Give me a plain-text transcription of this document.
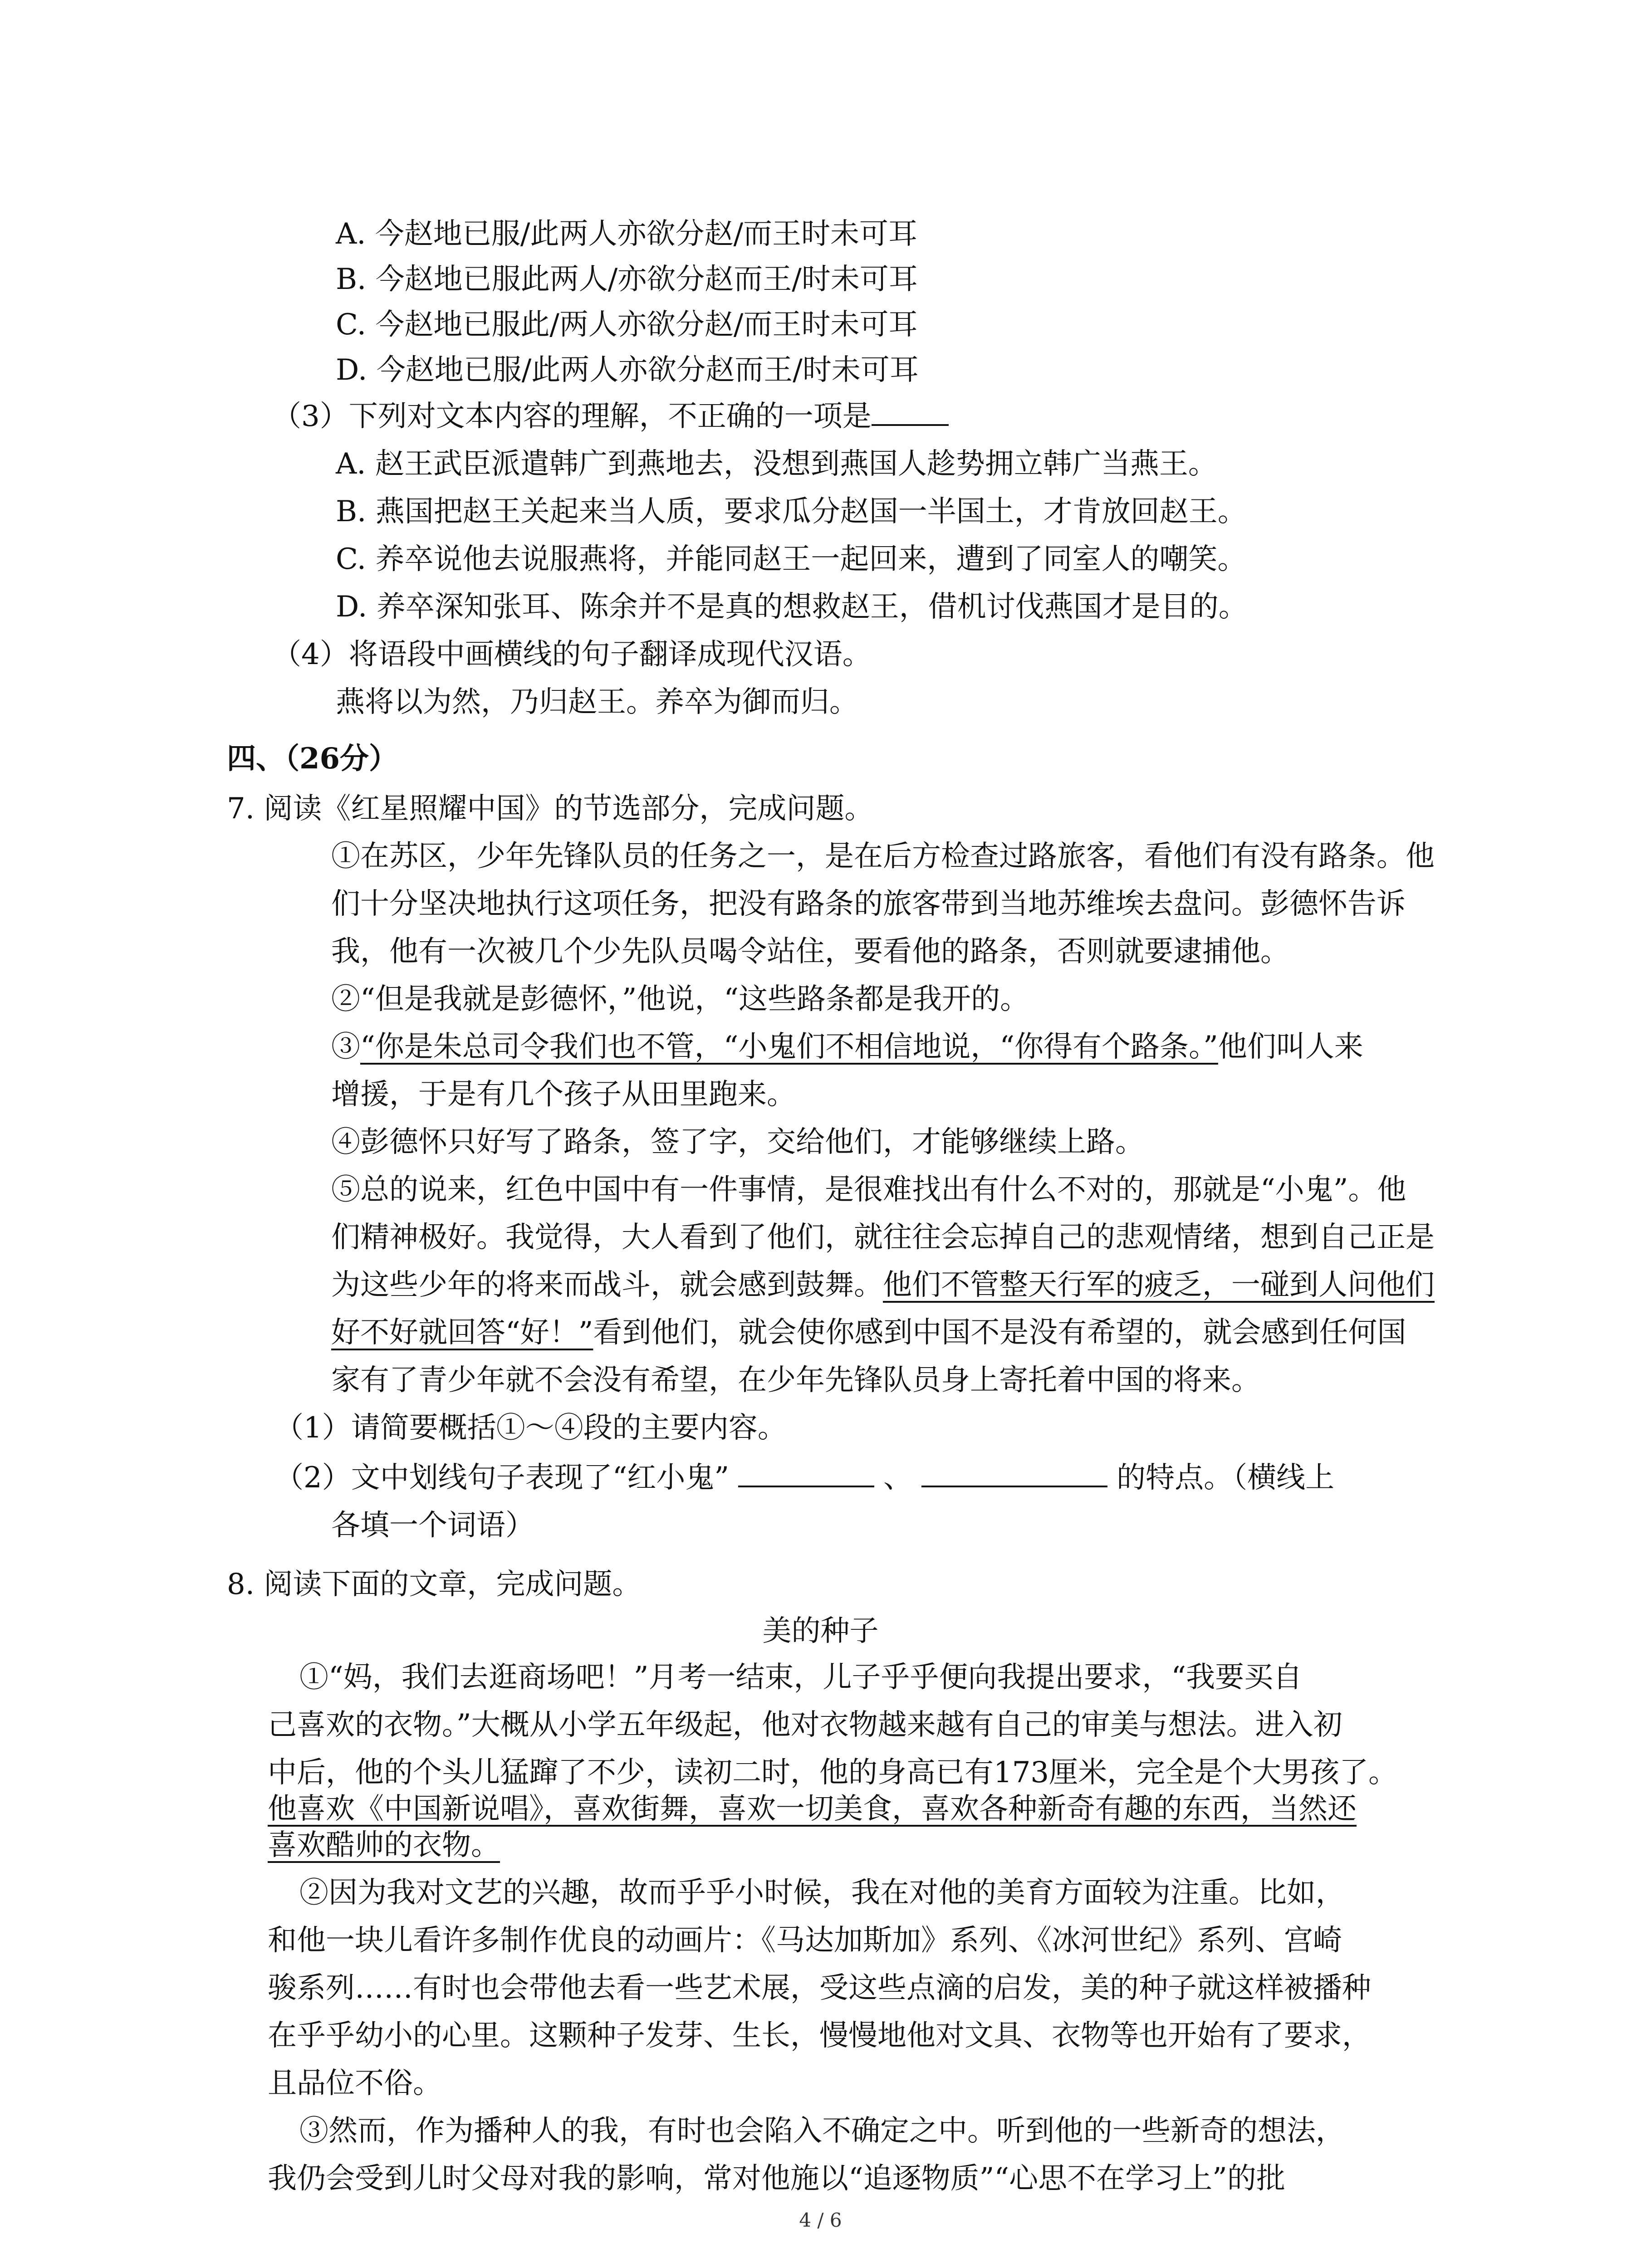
A. 今赵地已服/此两人亦欲分赵/而王时未可耳
B. 今赵地已服此两人/亦欲分赵而王/时未可耳
C. 今赵地已服此/两人亦欲分赵/而王时未可耳
D. 今赵地已服/此两人亦欲分赵而王/时未可耳
（3）下列对文本内容的理解，不正确的一项是
A. 赵王武臣派遣韩广到燕地去，没想到燕国人趁势拥立韩广当燕王。
B. 燕国把赵王关起来当人质，要求瓜分赵国一半国土，才肯放回赵王。
C. 养卒说他去说服燕将，并能同赵王一起回来，遭到了同室人的嘲笑。
D. 养卒深知张耳、陈余并不是真的想救赵王，借机讨伐燕国才是目的。
（4）将语段中画横线的句子翻译成现代汉语。
燕将以为然，乃归赵王。养卒为御而归。
四、（26分）
7. 阅读《红星照耀中国》的节选部分，完成问题。
①在苏区，少年先锋队员的任务之一，是在后方检查过路旅客，看他们有没有路条。他
们十分坚决地执行这项任务，把没有路条的旅客带到当地苏维埃去盘问。彭德怀告诉
我，他有一次被几个少先队员喝令站住，要看他的路条，否则就要逮捕他。
②“但是我就是彭德怀，”他说，“这些路条都是我开的。
③“你是朱总司令我们也不管，“小鬼们不相信地说，“你得有个路条。”他们叫人来
增援，于是有几个孩子从田里跑来。
④彭德怀只好写了路条，签了字，交给他们，才能够继续上路。
⑤总的说来，红色中国中有一件事情，是很难找出有什么不对的，那就是“小鬼”。他
们精神极好。我觉得，大人看到了他们，就往往会忘掉自己的悲观情绪，想到自己正是
为这些少年的将来而战斗，就会感到鼓舞。他们不管整天行军的疲乏，一碰到人问他们
好不好就回答“好！”看到他们，就会使你感到中国不是没有希望的，就会感到任何国
家有了青少年就不会没有希望，在少年先锋队员身上寄托着中国的将来。
（1）请简要概括①～④段的主要内容。
（2）文中划线句子表现了“红小鬼”	、	的特点。（横线上
各填一个词语）
8. 阅读下面的文章，完成问题。
美的种子
①“妈，我们去逛商场吧！”月考一结束，儿子乎乎便向我提出要求，“我要买自
己喜欢的衣物。”大概从小学五年级起，他对衣物越来越有自己的审美与想法。进入初
中后，他的个头儿猛蹿了不少，读初二时，他的身高已有173厘米，完全是个大男孩了。
他喜欢《中国新说唱》，喜欢街舞，喜欢一切美食，喜欢各种新奇有趣的东西，当然还
喜欢酷帅的衣物。
②因为我对文艺的兴趣，故而乎乎小时候，我在对他的美育方面较为注重。比如，
和他一块儿看许多制作优良的动画片：《马达加斯加》系列、《冰河世纪》系列、宫崎
骏系列……有时也会带他去看一些艺术展，受这些点滴的启发，美的种子就这样被播种
在乎乎幼小的心里。这颗种子发芽、生长，慢慢地他对文具、衣物等也开始有了要求，
且品位不俗。
③然而，作为播种人的我，有时也会陷入不确定之中。听到他的一些新奇的想法，
我仍会受到儿时父母对我的影响，常对他施以“追逐物质”“心思不在学习上”的批
4 / 6
